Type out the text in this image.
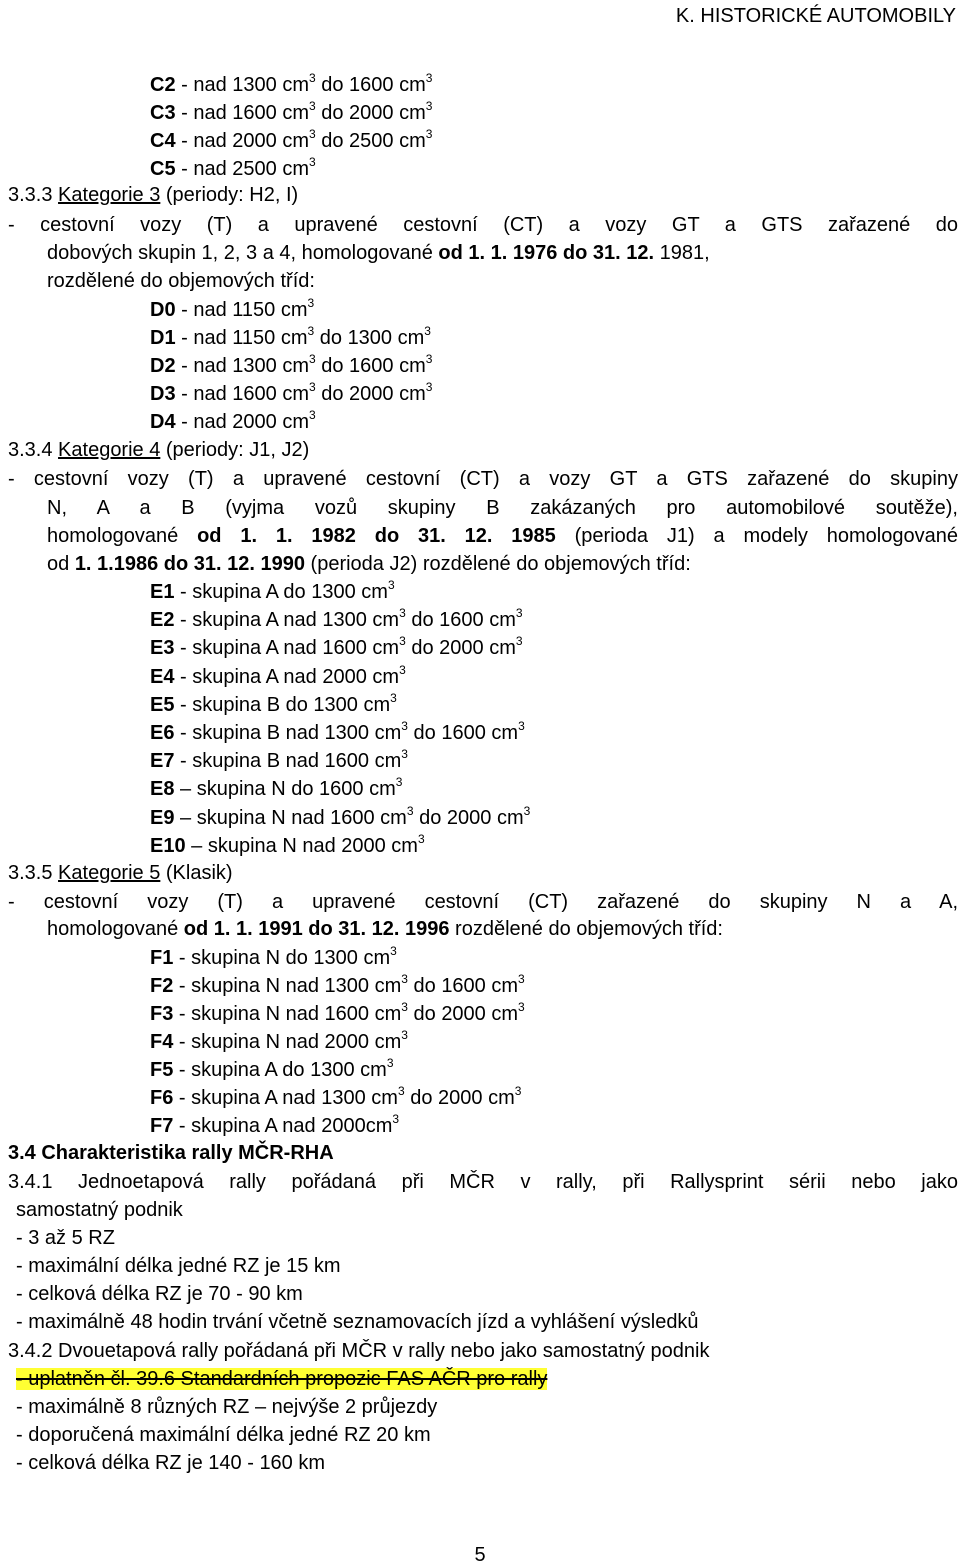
K. HISTORICKÉ AUTOMOBILY
C2 - nad 1300 $cm^3$ do 1600 $cm^3$
C3 - nad 1600 $cm^3$ do 2000 $cm^3$
C4 - nad 2000 $cm^3$ do 2500 $cm^3$
C5 - nad 2500 $cm^3$
3.3.3 Kategorie 3 (periody: H2, I)
- cestovní vozy (T) a upravené cestovní (CT) a vozy GT a GTS zařazené do
dobových skupin 1, 2, 3 a 4, homologované od 1. 1. 1976 do 31. 12. 1981,
rozdělené do objemových tříd:
D0 - nad 1150 $cm^3$
D1 - nad 1150 $cm^3$ do 1300 $cm^3$
D2 - nad 1300 $cm^3$ do 1600 $cm^3$
D3 - nad 1600 $cm^3$ do 2000 $cm^3$
D4 - nad 2000 $cm^3$
3.3.4 Kategorie 4 (periody: J1, J2)
- cestovní vozy (T) a upravené cestovní (CT) a vozy GT a GTS zařazené do skupiny
N, A a B (vyjma vozů skupiny B zakázaných pro automobilové soutěže),
homologované od 1. 1. 1982 do 31. 12. 1985 (perioda J1) a modely homologované
od 1. 1.1986 do 31. 12. 1990 (perioda J2) rozdělené do objemových tříd:
E1 - skupina A do 1300 $cm^3$
E2 - skupina A nad 1300 $cm^3$ do 1600 $cm^3$
E3 - skupina A nad 1600 $cm^3$ do 2000 $cm^3$
E4 - skupina A nad 2000 $cm^3$
E5 - skupina B do 1300 $cm^3$
E6 - skupina B nad 1300 $cm^3$ do 1600 $cm^3$
E7 - skupina B nad 1600 $cm^3$
E8 – skupina N do 1600 $cm^3$
E9 – skupina N nad 1600 $cm^3$ do 2000 $cm^3$
E10 – skupina N nad 2000 $cm^3$
3.3.5 Kategorie 5 (Klasik)
- cestovní vozy (T) a upravené cestovní (CT) zařazené do skupiny N a A,
homologované od 1. 1. 1991 do 31. 12. 1996 rozdělené do objemových tříd:
F1 - skupina N do 1300 $cm^3$
F2 - skupina N nad 1300 $cm^3$ do 1600 $cm^3$
F3 - skupina N nad 1600 $cm^3$ do 2000 $cm^3$
F4 - skupina N nad 2000 $cm^3$
F5 - skupina A do 1300 $cm^3$
F6 - skupina A nad 1300 $cm^3$ do 2000 $cm^3$
F7 - skupina A nad $2000cm^3$
3.4 Charakteristika rally MČR-RHA
3.4.1 Jednoetapová rally pořádaná při MČR v rally, při Rallysprint sérii nebo jako
samostatný podnik
- 3 až 5 RZ
- maximální délka jedné RZ je 15 km
- celková délka RZ je 70 - 90 km
- maximálně 48 hodin trvání včetně seznamovacích jízd a vyhlášení výsledků
3.4.2 Dvouetapová rally pořádaná při MČR v rally nebo jako samostatný podnik
- uplatněn čl. 39.6 Standardních propozic FAS AČR pro rally
- maximálně 8 různých RZ – nejvýše 2 průjezdy
- doporučená maximální délka jedné RZ 20 km
- celková délka RZ je 140 - 160 km
5
